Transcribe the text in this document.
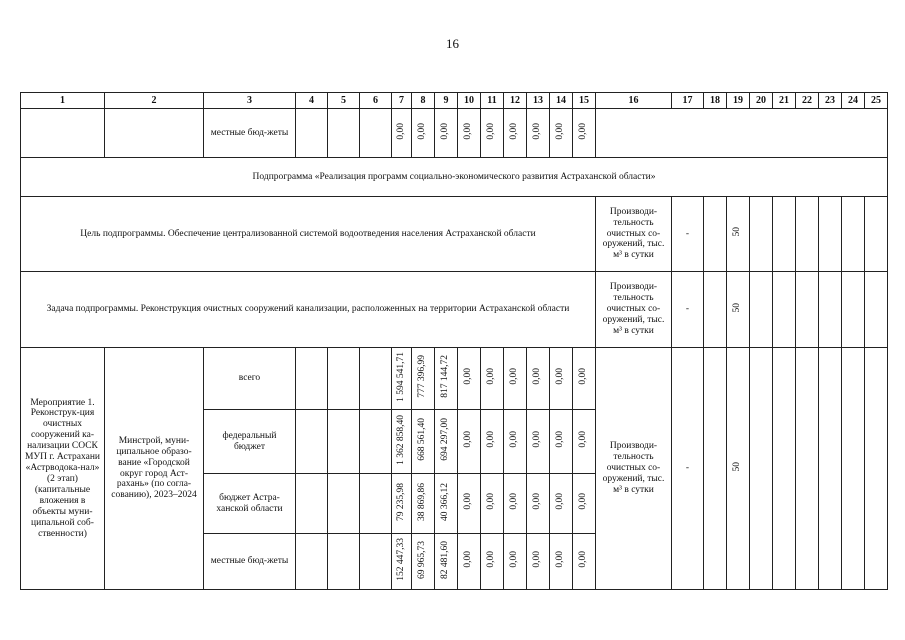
16
1	2	3	4	5	6	7	8	9	10	11	12	13	14	15	16	17	18	19	20	21	22	23	24	25
		местные бюд-жеты				0,00	0,00	0,00	0,00	0,00	0,00	0,00	0,00	0,00										
Подпрограмма «Реализация программ социально-экономического развития Астраханской области»																								
Цель подпрограммы. Обеспечение централизованной системой водоотведения населения Астраханской области															Производи-тельность очистных со-оружений, тыс. м³ в сутки	-		50						
Задача подпрограммы. Реконструкция очистных сооружений канализации, расположенных на территории Астраханской области															Производи-тельность очистных со-оружений, тыс. м³ в сутки	-		50						
Мероприятие 1. Реконструк-ция очистных сооружений ка-нализации СОСК МУП г. Астрахани «Астрводока-нал» (2 этап) (капитальные вложения в объекты муни-ципальной соб-ственности)	Минстрой, муни-ципальное образо-вание «Городской округ город Аст-рахань» (по согла-сованию), 2023–2024	всего				1 594 541,71	777 396,99	817 144,72	0,00	0,00	0,00	0,00	0,00	0,00	Производи-тельность очистных со-оружений, тыс. м³ в сутки	-		50						
		федеральный бюджет				1 362 858,40	668 561,40	694 297,00	0,00	0,00	0,00	0,00	0,00	0,00										
		бюджет Астра-ханской области				79 235,98	38 869,86	40 366,12	0,00	0,00	0,00	0,00	0,00	0,00										
		местные бюд-жеты				152 447,33	69 965,73	82 481,60	0,00	0,00	0,00	0,00	0,00	0,00										
